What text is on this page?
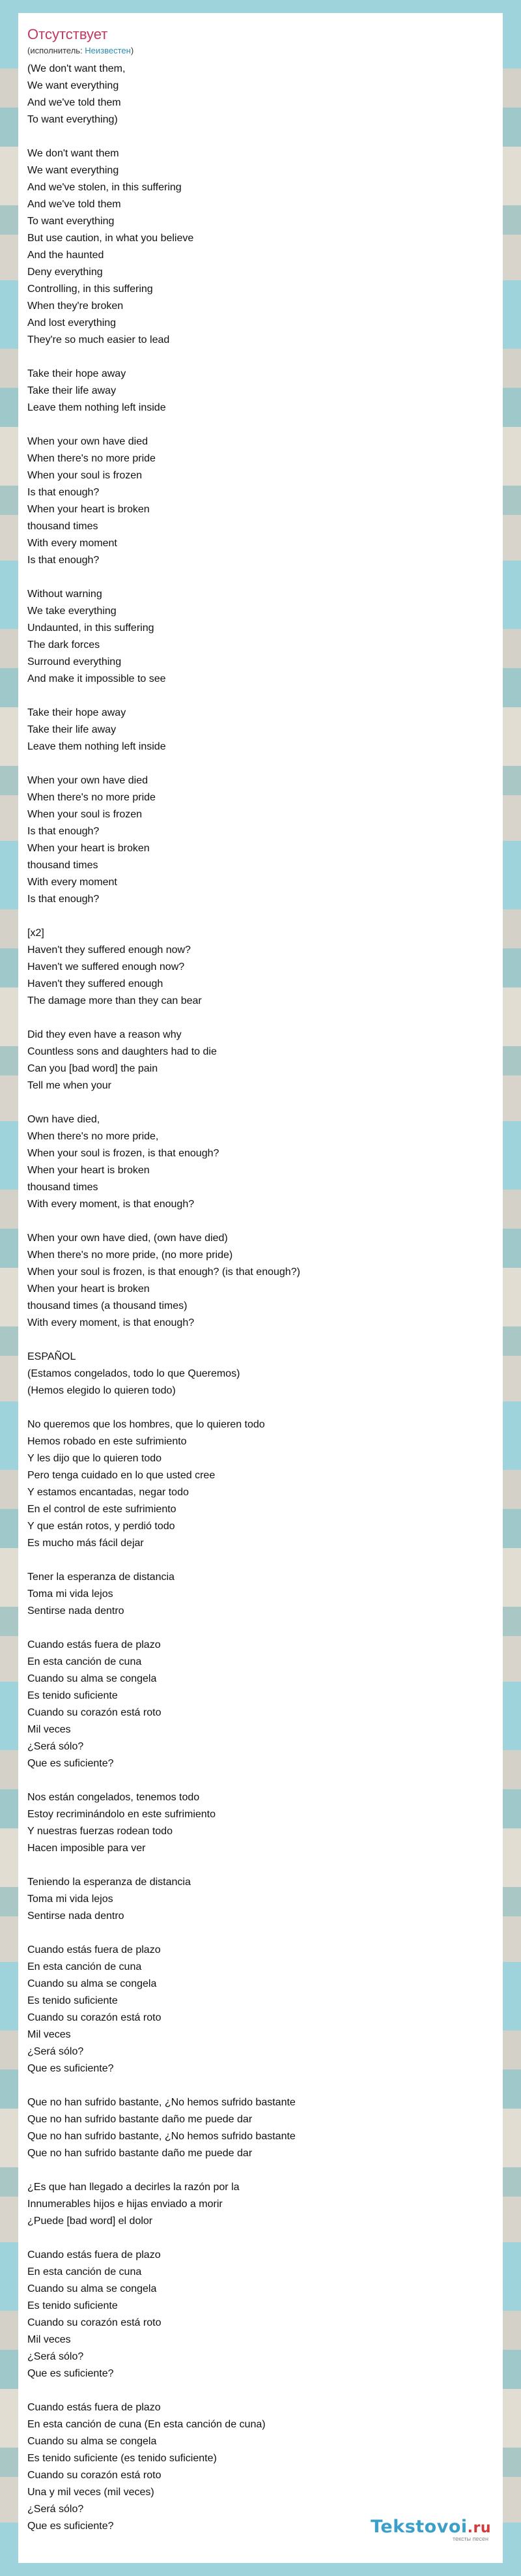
Отсутствует
(исполнитель: Неизвестен)
(We don't want them,
We want everything
And we've told them
To want everything)
We don't want them
We want everything
And we've stolen, in this suffering
And we've told them
To want everything
But use caution, in what you believe
And the haunted
Deny everything
Controlling, in this suffering
When they're broken
And lost everything
They're so much easier to lead
Take their hope away
Take their life away
Leave them nothing left inside
When your own have died
When there's no more pride
When your soul is frozen
Is that enough?
When your heart is broken
thousand times
With every moment
Is that enough?
Without warning
We take everything
Undaunted, in this suffering
The dark forces
Surround everything
And make it impossible to see
Take their hope away
Take their life away
Leave them nothing left inside
When your own have died
When there's no more pride
When your soul is frozen
Is that enough?
When your heart is broken
thousand times
With every moment
Is that enough?
[x2]
Haven't they suffered enough now?
Haven't we suffered enough now?
Haven't they suffered enough
The damage more than they can bear
Did they even have a reason why
Countless sons and daughters had to die
Can you [bad word] the pain
Tell me when your
Own have died,
When there's no more pride,
When your soul is frozen, is that enough?
When your heart is broken
thousand times
With every moment, is that enough?
When your own have died, (own have died)
When there's no more pride, (no more pride)
When your soul is frozen, is that enough? (is that enough?)
When your heart is broken
thousand times (a thousand times)
With every moment, is that enough?
ESPAÑOL
(Estamos congelados, todo lo que Queremos)
(Hemos elegido lo quieren todo)
No queremos que los hombres, que lo quieren todo
Hemos robado en este sufrimiento
Y les dijo que lo quieren todo
Pero tenga cuidado en lo que usted cree
Y estamos encantadas, negar todo
En el control de este sufrimiento
Y que están rotos, y perdió todo
Es mucho más fácil dejar
Tener la esperanza de distancia
Toma mi vida lejos
Sentirse nada dentro
Cuando estás fuera de plazo
En esta canción de cuna
Cuando su alma se congela
Es tenido suficiente
Cuando su corazón está roto
Mil veces
¿Será sólo?
Que es suficiente?
Nos están congelados, tenemos todo
Estoy recriminándolo en este sufrimiento
Y nuestras fuerzas rodean todo
Hacen imposible para ver
Teniendo la esperanza de distancia
Toma mi vida lejos
Sentirse nada dentro
Cuando estás fuera de plazo
En esta canción de cuna
Cuando su alma se congela
Es tenido suficiente
Cuando su corazón está roto
Mil veces
¿Será sólo?
Que es suficiente?
Que no han sufrido bastante, ¿No hemos sufrido bastante
Que no han sufrido bastante daño me puede dar
Que no han sufrido bastante, ¿No hemos sufrido bastante
Que no han sufrido bastante daño me puede dar
¿Es que han llegado a decirles la razón por la
Innumerables hijos e hijas enviado a morir
¿Puede [bad word] el dolor
Cuando estás fuera de plazo
En esta canción de cuna
Cuando su alma se congela
Es tenido suficiente
Cuando su corazón está roto
Mil veces
¿Será sólo?
Que es suficiente?
Cuando estás fuera de plazo
En esta canción de cuna (En esta canción de cuna)
Cuando su alma se congela
Es tenido suficiente (es tenido suficiente)
Cuando su corazón está roto
Una y mil veces (mil veces)
¿Será sólo?
Que es suficiente?	Tekstovoi.ru
тексты песен
